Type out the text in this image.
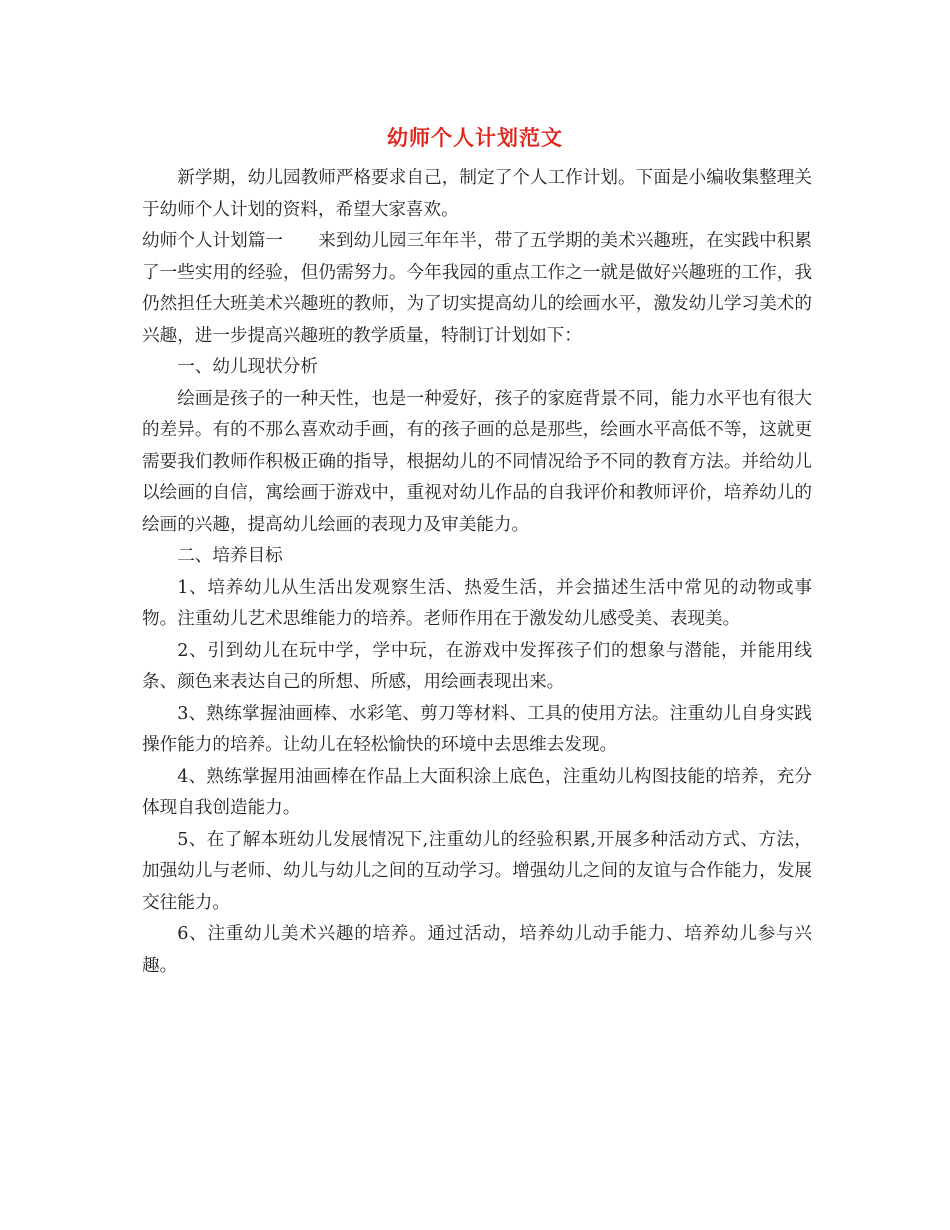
幼师个人计划范文

新学期，幼儿园教师严格要求自己，制定了个人工作计划。下面是小编收集整理关于幼师个人计划的资料，希望大家喜欢。

幼师个人计划篇一 来到幼儿园三年年半，带了五学期的美术兴趣班，在实践中积累了一些实用的经验，但仍需努力。今年我园的重点工作之一就是做好兴趣班的工作，我仍然担任大班美术兴趣班的教师，为了切实提高幼儿的绘画水平，激发幼儿学习美术的兴趣，进一步提高兴趣班的教学质量，特制订计划如下：

一、幼儿现状分析

绘画是孩子的一种天性，也是一种爱好，孩子的家庭背景不同，能力水平也有很大的差异。有的不那么喜欢动手画，有的孩子画的总是那些，绘画水平高低不等，这就更需要我们教师作积极正确的指导，根据幼儿的不同情况给予不同的教育方法。并给幼儿以绘画的自信，寓绘画于游戏中，重视对幼儿作品的自我评价和教师评价，培养幼儿的绘画的兴趣，提高幼儿绘画的表现力及审美能力。

二、培养目标

1、培养幼儿从生活出发观察生活、热爱生活，并会描述生活中常见的动物或事物。注重幼儿艺术思维能力的培养。老师作用在于激发幼儿感受美、表现美。

2、引到幼儿在玩中学，学中玩，在游戏中发挥孩子们的想象与潜能，并能用线条、颜色来表达自己的所想、所感，用绘画表现出来。

3、熟练掌握油画棒、水彩笔、剪刀等材料、工具的使用方法。注重幼儿自身实践操作能力的培养。让幼儿在轻松愉快的环境中去思维去发现。

4、熟练掌握用油画棒在作品上大面积涂上底色，注重幼儿构图技能的培养，充分体现自我创造能力。

5、在了解本班幼儿发展情况下,注重幼儿的经验积累,开展多种活动方式、方法，加强幼儿与老师、幼儿与幼儿之间的互动学习。增强幼儿之间的友谊与合作能力，发展交往能力。

6、注重幼儿美术兴趣的培养。通过活动，培养幼儿动手能力、培养幼儿参与兴趣。
